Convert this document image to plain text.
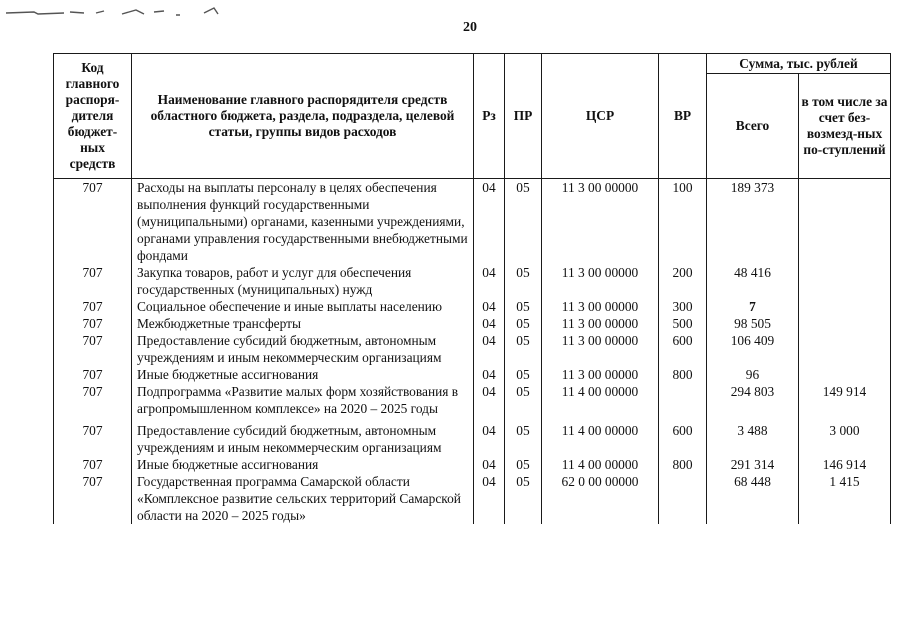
20
Код главного распоря-дителя бюджет-ных средств	Наименование главного распорядителя средств областного бюджета, раздела, подраздела, целевой статьи, группы видов расходов	Рз	ПР	ЦСР	ВР	Сумма, тыс. рублей	
						Всего	в том числе за счет без-возмезд-ных по-ступлений
707	Расходы на выплаты персоналу в целях обеспечения выполнения функций государственными (муниципальными) органами, казенными учреждениями, органами управления государственными внебюджетными фондами	04	05	11 3 00 00000	100	189 373	
707	Закупка товаров, работ и услуг для обеспечения государственных (муниципальных) нужд	04	05	11 3 00 00000	200	48 416	
707	Социальное обеспечение и иные выплаты населению	04	05	11 3 00 00000	300	7	
707	Межбюджетные трансферты	04	05	11 3 00 00000	500	98 505	
707	Предоставление субсидий бюджетным, автономным учреждениям и иным некоммерческим организациям	04	05	11 3 00 00000	600	106 409	
707	Иные бюджетные ассигнования	04	05	11 3 00 00000	800	96	
707	Подпрограмма «Развитие малых форм хозяйствования в агропромышленном комплексе» на 2020 – 2025 годы	04	05	11 4 00 00000		294 803	149 914
707	Предоставление субсидий бюджетным, автономным учреждениям и иным некоммерческим организациям	04	05	11 4 00 00000	600	3 488	3 000
707	Иные бюджетные ассигнования	04	05	11 4 00 00000	800	291 314	146 914
707	Государственная программа Самарской области «Комплексное развитие сельских территорий Самарской области на 2020 – 2025 годы»	04	05	62 0 00 00000		68 448	1 415
